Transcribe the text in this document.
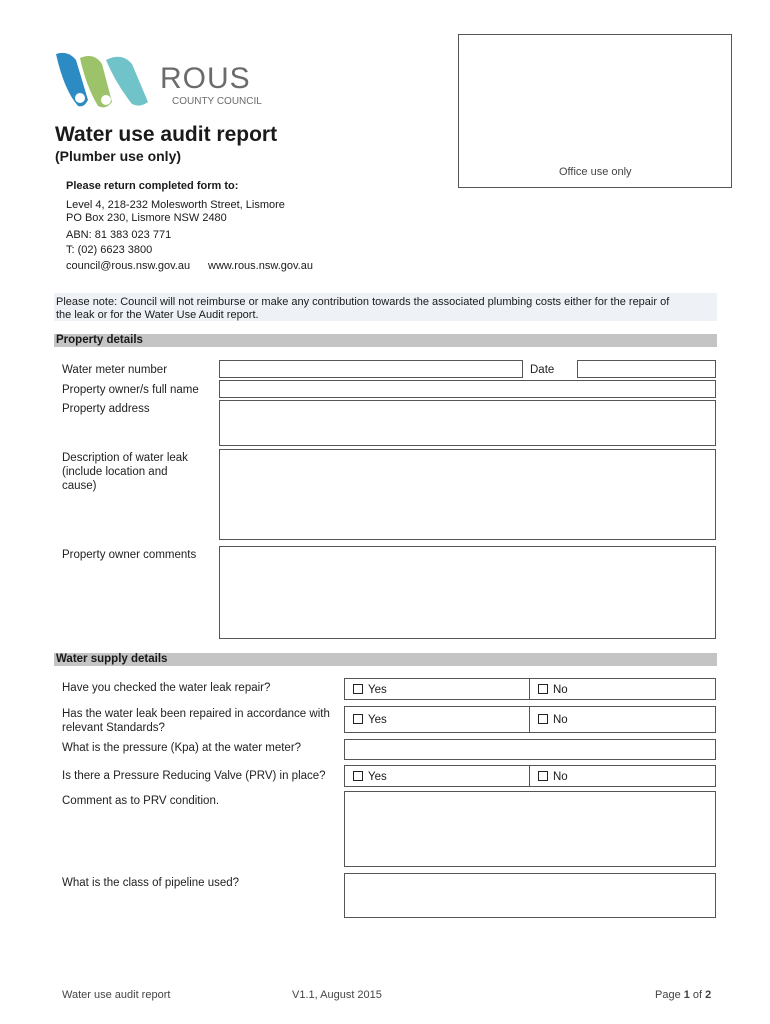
ROUS
COUNTY COUNCIL
Office use only
Water use audit report
(Plumber use only)
Please return completed form to:
Level 4, 218-232 Molesworth Street, Lismore
PO Box 230, Lismore NSW 2480
ABN: 81 383 023 771
T: (02) 6623 3800
council@rous.nsw.gov.au www.rous.nsw.gov.au
Please note: Council will not reimburse or make any contribution towards the associated plumbing costs either for the repair of
the leak or for the Water Use Audit report.
Property details
Water meter number	Date
Property owner/s full name
Property address
Description of water leak
(include location and
cause)
Property owner comments
Water supply details
Have you checked the water leak repair?	Yes	No
Has the water leak been repaired in accordance with
relevant Standards?
Yes	No
What is the pressure (Kpa) at the water meter?
Is there a Pressure Reducing Valve (PRV) in place?	Yes	No
Comment as to PRV condition.
What is the class of pipeline used?
Water use audit report	V1.1, August 2015	Page 1 of 2
